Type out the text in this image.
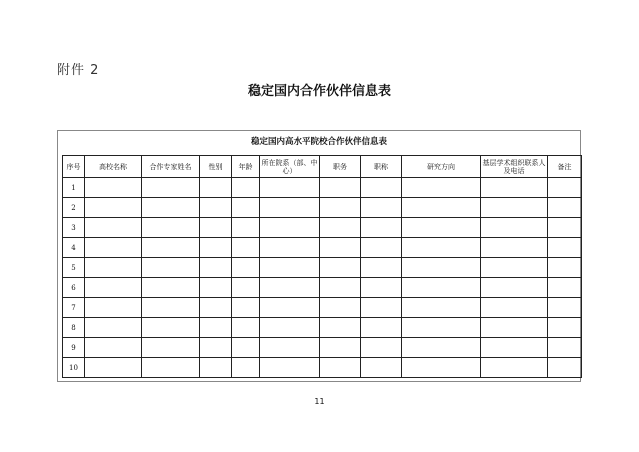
附件 2
稳定国内合作伙伴信息表
稳定国内高水平院校合作伙伴信息表
序号	高校名称	合作专家姓名	性别	年龄	所在院系（部、中心）	职务	职称	研究方向	基层学术组织联系人及电话	备注
1										
2										
3										
4										
5										
6										
7										
8										
9										
10										
11
